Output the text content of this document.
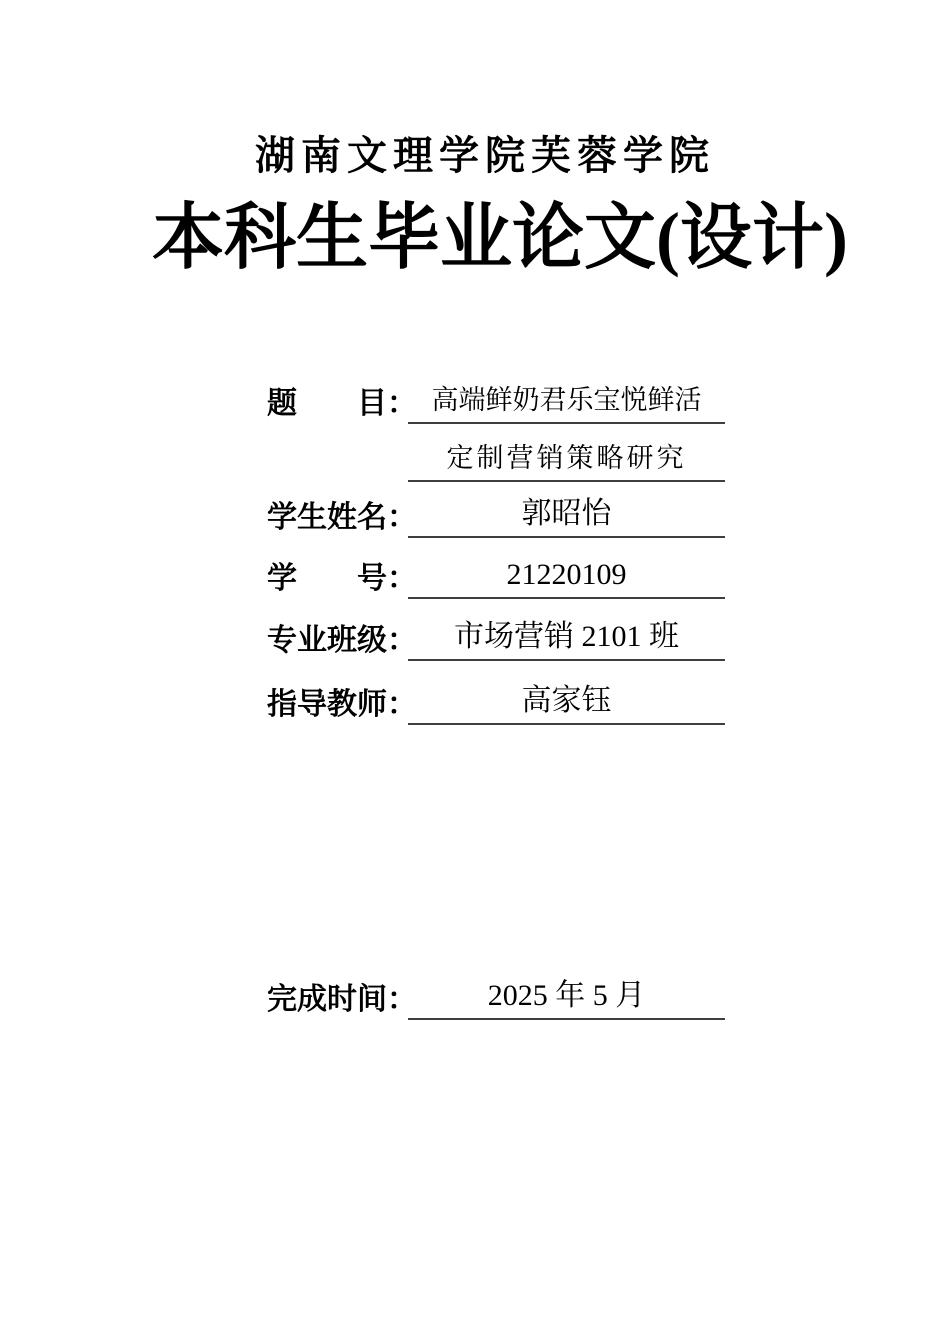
湖南文理学院芙蓉学院
本科生毕业论文(设计)
题　　目： 高端鲜奶君乐宝悦鲜活
定制营销策略研究
学生姓名：	郭昭怡
学　　号：	21220109
专业班级：	市场营销 2101 班
指导教师：	高家钰
完成时间：	2025 年 5 月
